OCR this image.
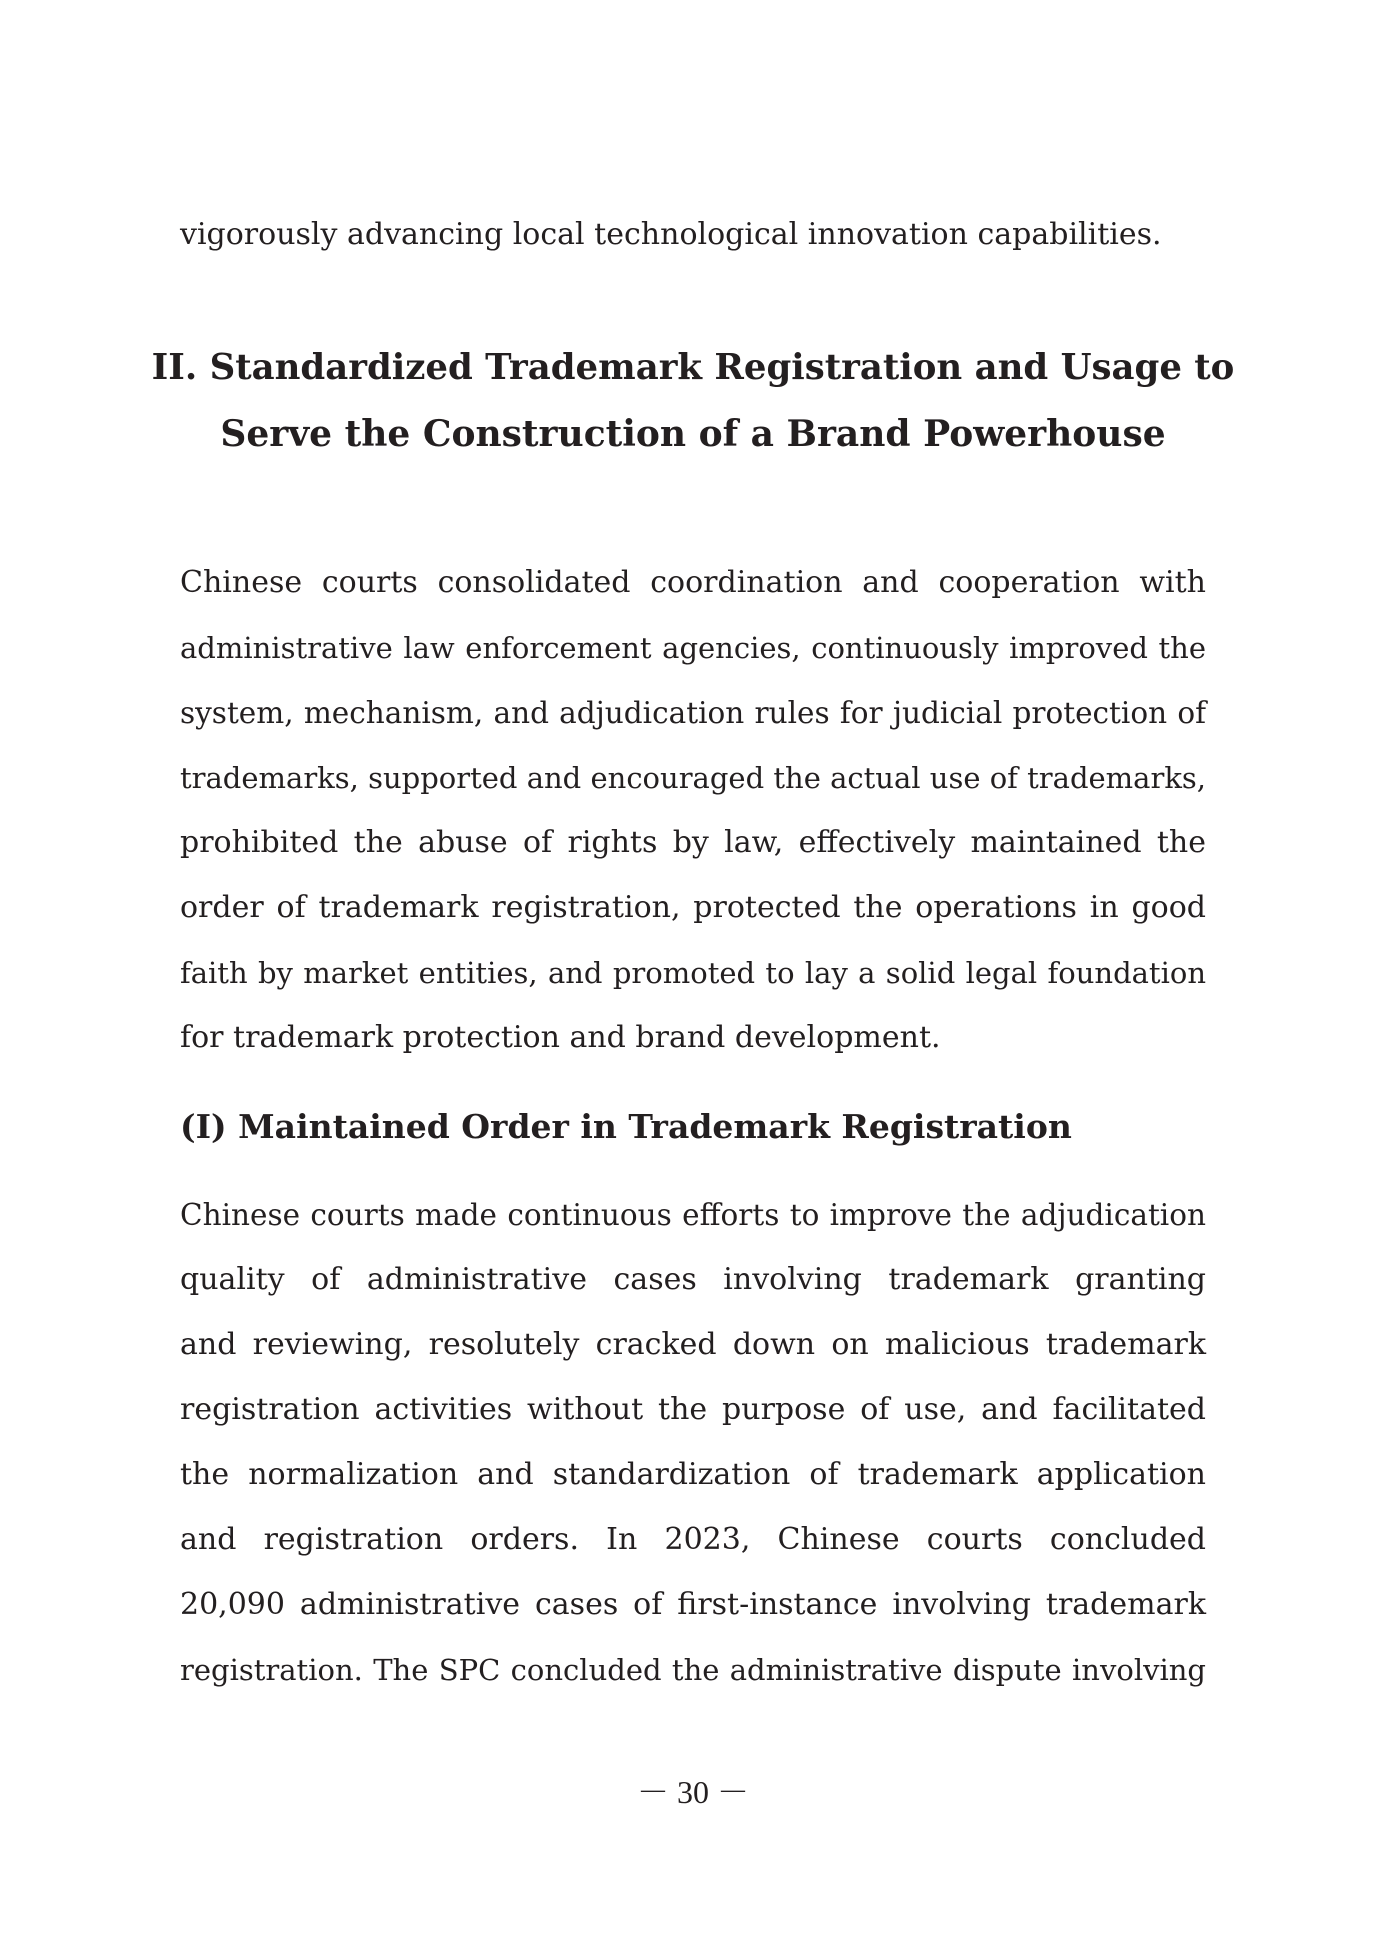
vigorously advancing local technological innovation capabilities.
II. Standardized Trademark Registration and Usage to
Serve the Construction of a Brand Powerhouse
Chinese courts consolidated coordination and cooperation with
administrative law enforcement agencies, continuously improved the
system, mechanism, and adjudication rules for judicial protection of
trademarks, supported and encouraged the actual use of trademarks,
prohibited the abuse of rights by law, effectively maintained the
order of trademark registration, protected the operations in good
faith by market entities, and promoted to lay a solid legal foundation
for trademark protection and brand development.
(I) Maintained Order in Trademark Registration
Chinese courts made continuous efforts to improve the adjudication
quality of administrative cases involving trademark granting
and reviewing, resolutely cracked down on malicious trademark
registration activities without the purpose of use, and facilitated
the normalization and standardization of trademark application
and registration orders. In 2023, Chinese courts concluded
20,090 administrative cases of first-instance involving trademark
registration. The SPC concluded the administrative dispute involving
－ 30 －
